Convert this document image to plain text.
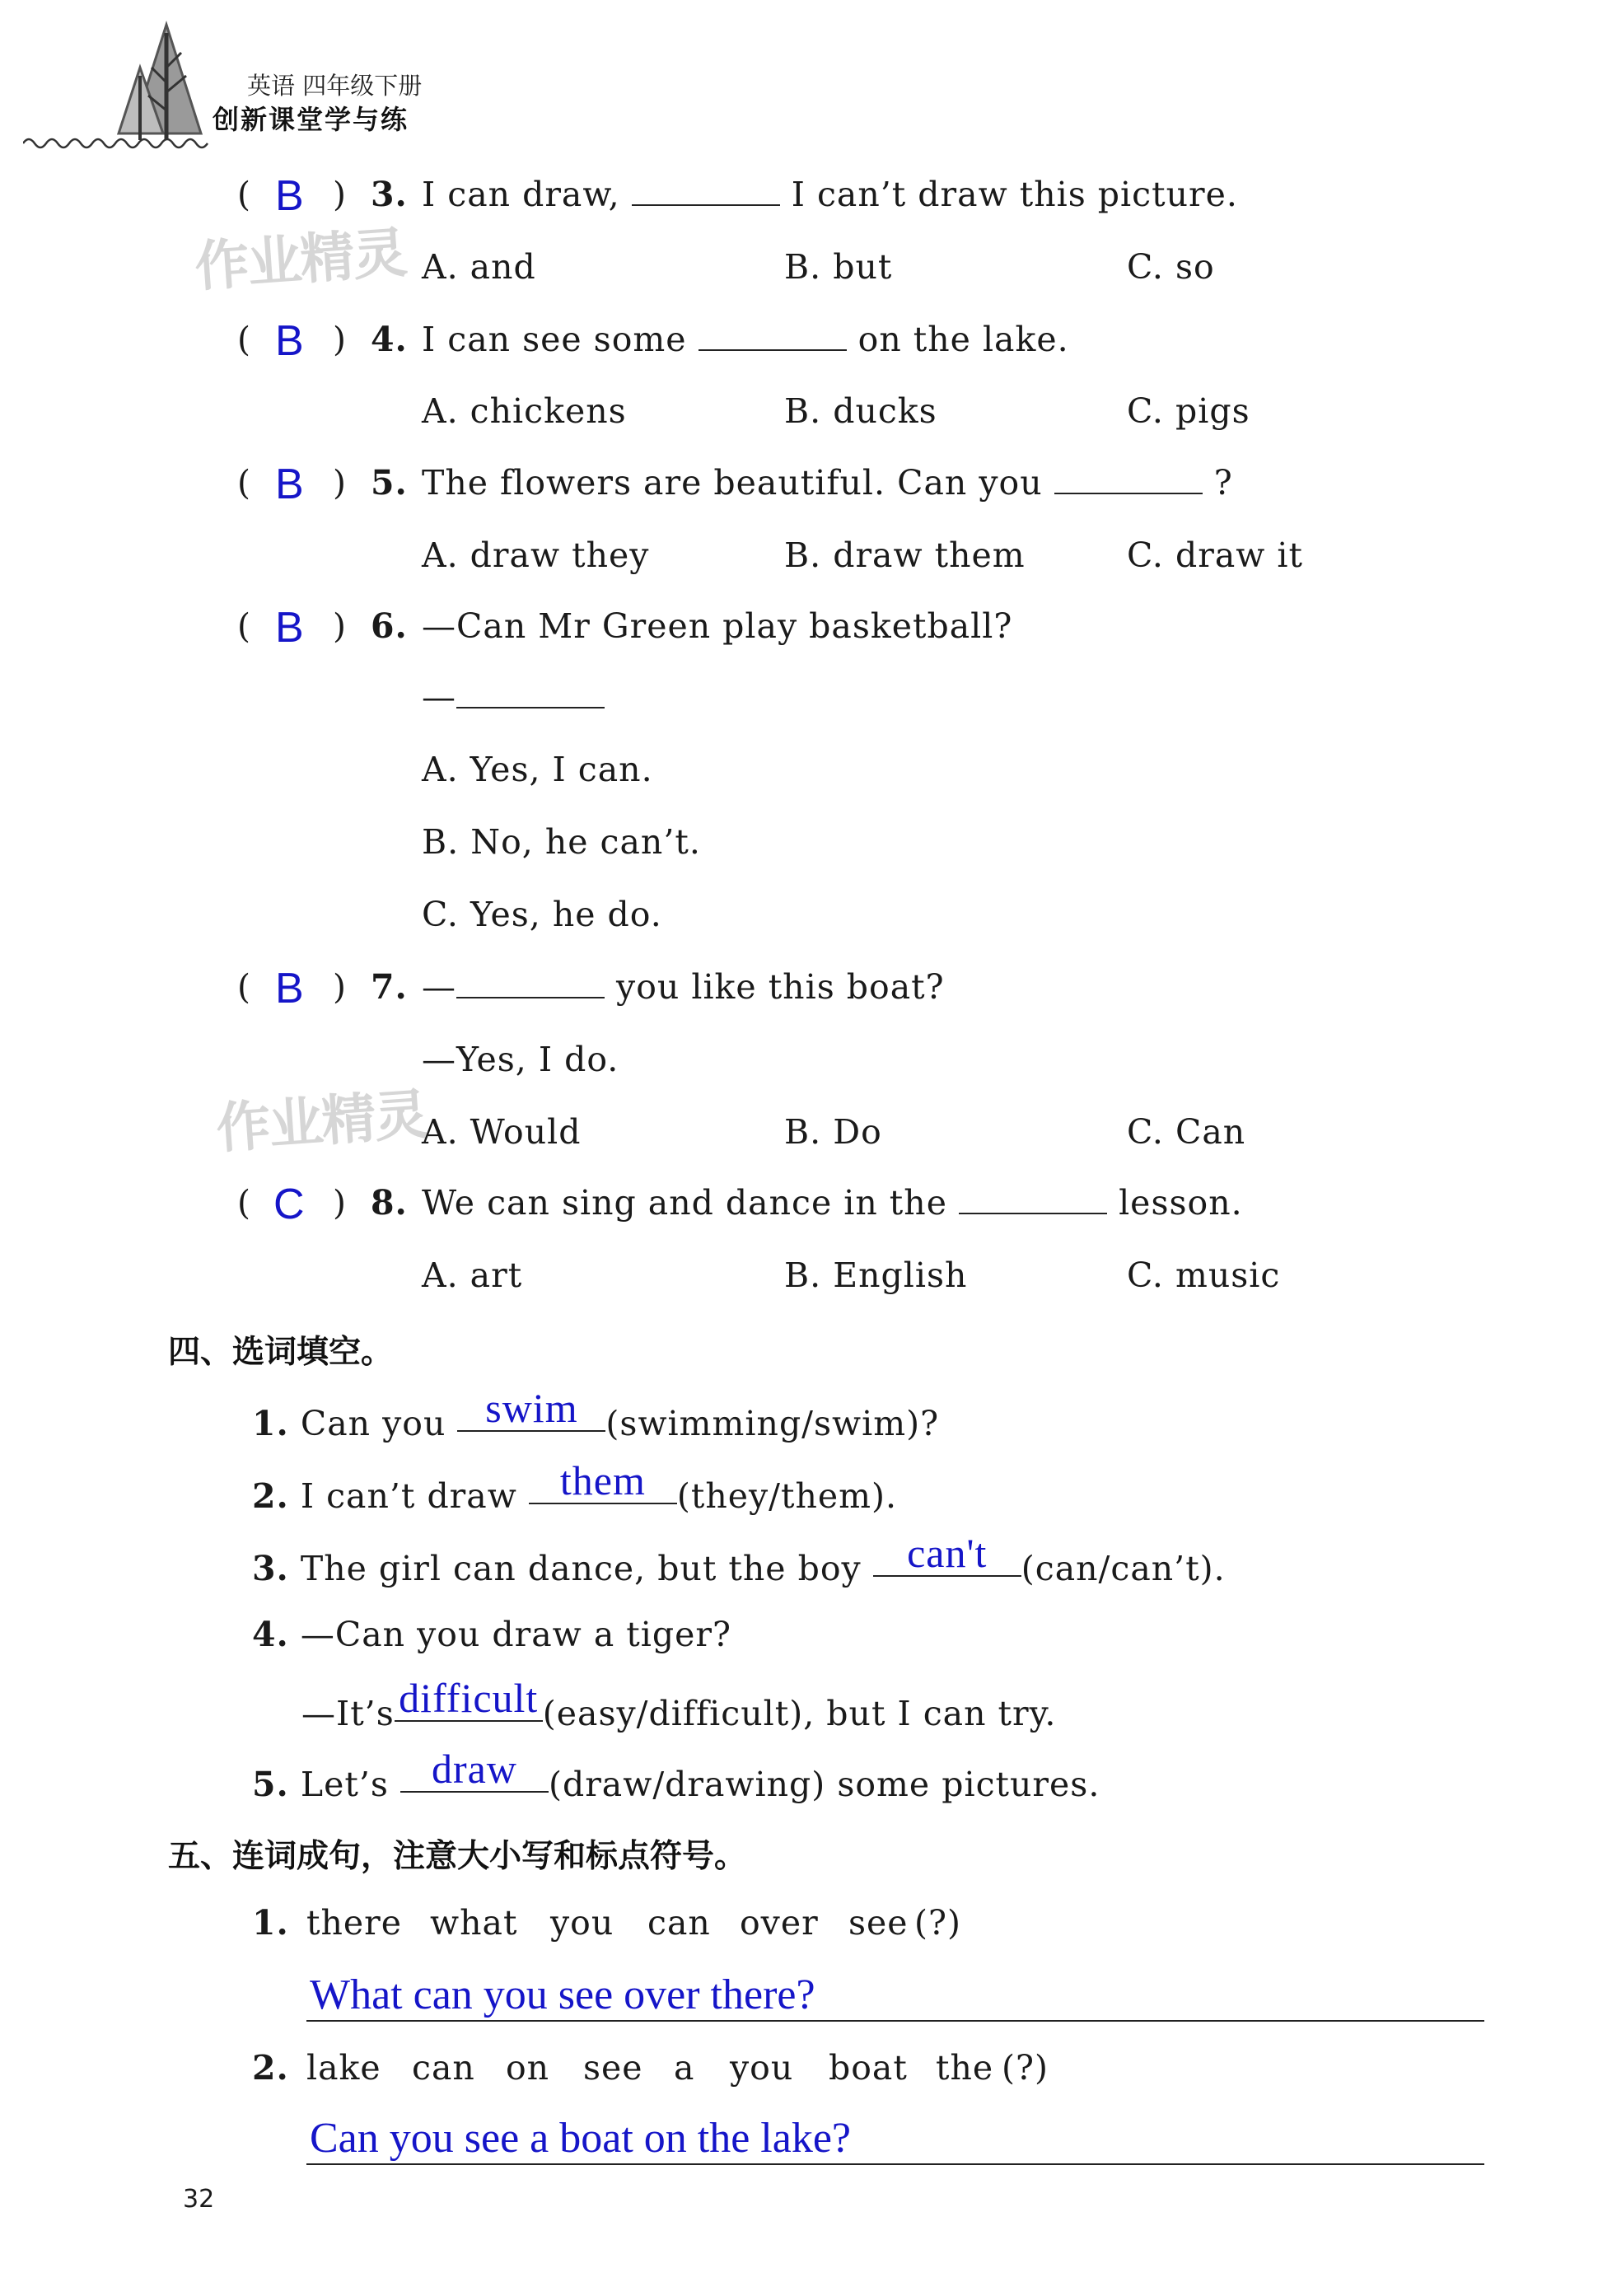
英语 四年级下册
创新课堂学与练
作业精灵
作业精灵
( B ) 3. I can draw,	I can’t draw this picture.
A. and	B. but	C. so
( B ) 4. I can see some	on the lake.
A. chickens	B. ducks	C. pigs
( B ) 5. The flowers are beautiful. Can you	?
A. draw they	B. draw them	C. draw it
( B ) 6. —Can Mr Green play basketball?
—
A. Yes, I can.
B. No, he can’t.
C. Yes, he do.
( B ) 7. —	you like this boat?
—Yes, I do.
A. Would	B. Do	C. Can
( C ) 8. We can sing and dance in the	lesson.
A. art	B. English	C. music
四、选词填空。
1. Can you swim (swimming/swim)?
2. I can’t draw them (they/them).
3. The girl can dance, but the boy can't (can/can’t).
4. —Can you draw a tiger?
—It’s difficult (easy/difficult), but I can try.
5. Let’s draw (draw/drawing) some pictures.
五、连词成句，注意大小写和标点符号。
1. there what you can over see (?)
What can you see over there?
2. lake can on see a you boat the (?)
Can you see a boat on the lake?
32
